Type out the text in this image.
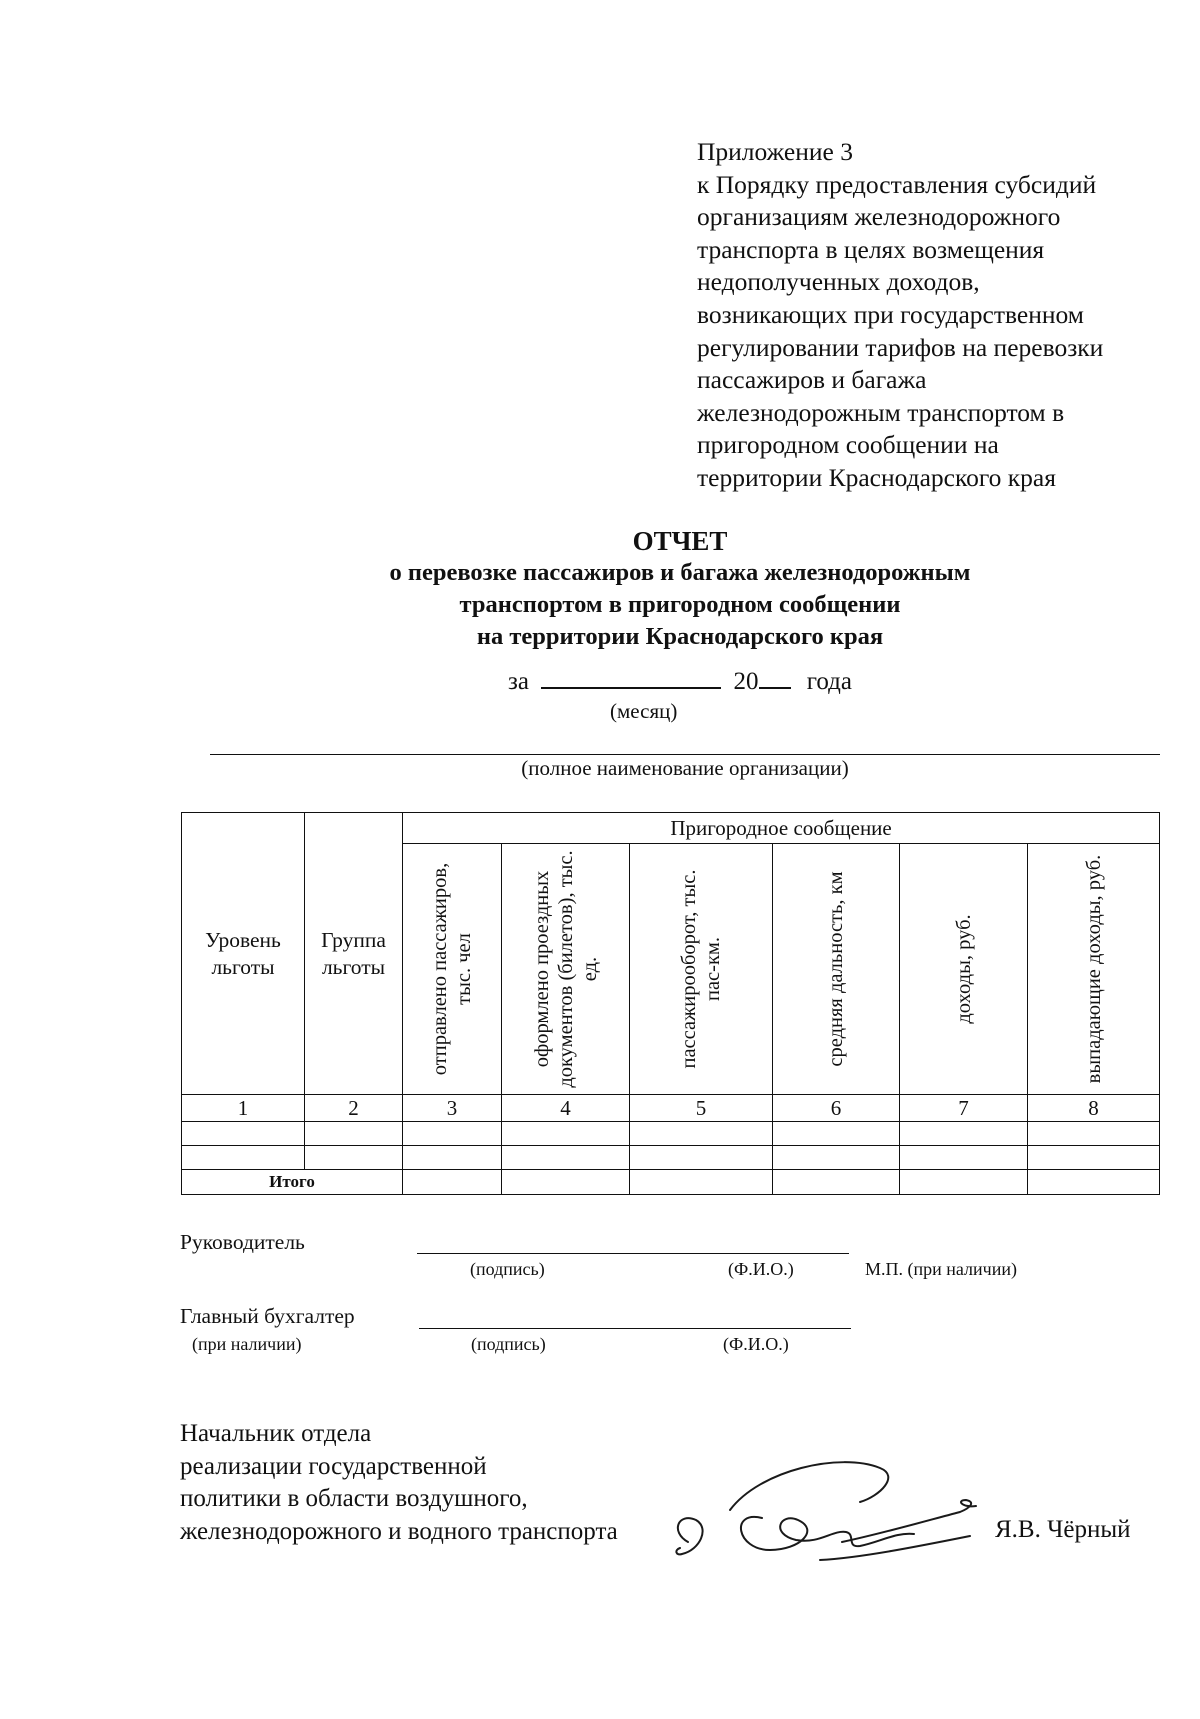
Приложение 3
к Порядку предоставления субсидий
организациям железнодорожного
транспорта в целях возмещения
недополученных доходов,
возникающих при государственном
регулировании тарифов на перевозки
пассажиров и багажа
железнодорожным транспортом в
пригородном сообщении на
территории Краснодарского края
ОТЧЕТ
о перевозке пассажиров и багажа железнодорожным
транспортом в пригородном сообщении
на территории Краснодарского края
за	20 года
(месяц)
(полное наименование организации)
Уровень льготы	Группа льготы	Пригородное сообщение					

		отправлено пассажиров, тыс. чел	оформлено проездных документов (билетов), тыс. ед.	пассажирооборот, тыс. пас-км.	средняя дальность, км	доходы, руб.	выпадающие доходы, руб.

1	2	3	4	5	6	7	8

Итого							
Руководитель
(подпись)	(Ф.И.О.)	М.П. (при наличии)
Главный бухгалтер
(при наличии)	(подпись)	(Ф.И.О.)
Начальник отдела
реализации государственной
политики в области воздушного,
железнодорожного и водного транспорта	Я.В. Чёрный
